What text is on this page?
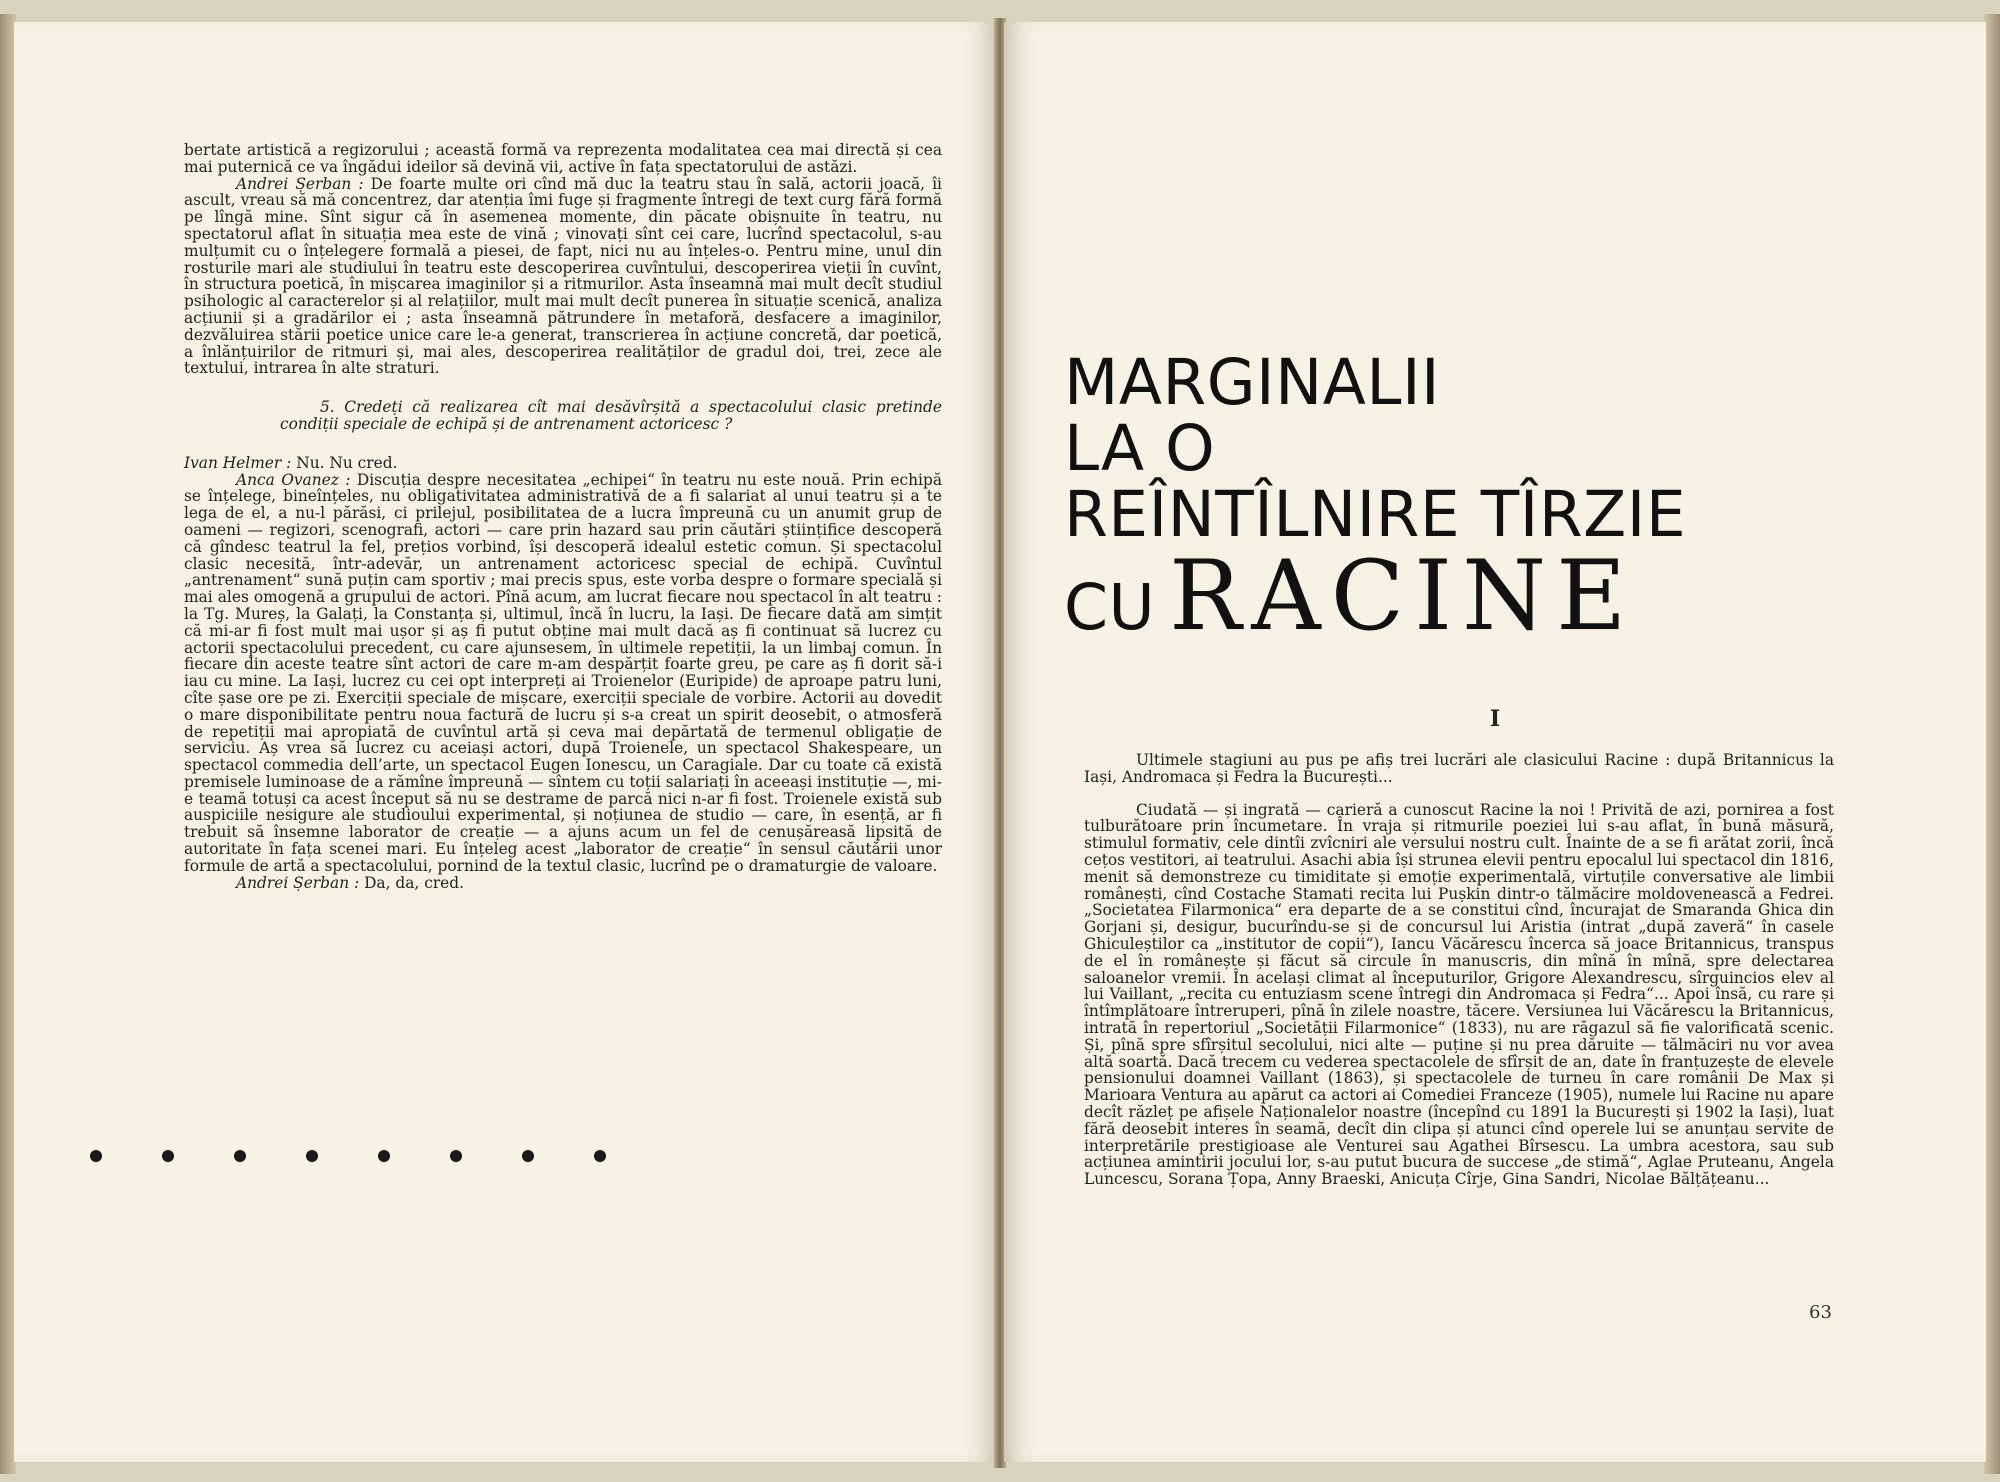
bertate artistică a regizorului ; această formă va reprezenta modalitatea cea mai directă și cea mai puternică ce va îngădui ideilor să devină vii, active în fața spectatorului de astăzi.

Andrei Șerban : De foarte multe ori cînd mă duc la teatru stau în sală, actorii joacă, îi ascult, vreau să mă concentrez, dar atenția îmi fuge și fragmente întregi de text curg fără formă pe lîngă mine. Sînt sigur că în asemenea momente, din păcate obișnuite în teatru, nu spectatorul aflat în situația mea este de vină ; vinovați sînt cei care, lucrînd spectacolul, s-au mulțumit cu o înțelegere formală a piesei, de fapt, nici nu au înțeles-o. Pentru mine, unul din rosturile mari ale studiului în teatru este descoperirea cuvîntului, descoperirea vieții în cuvînt, în structura poetică, în mișcarea imaginilor și a ritmurilor. Asta înseamnă mai mult decît studiul psihologic al caracterelor și al relațiilor, mult mai mult decît punerea în situație scenică, analiza acțiunii și a gradărilor ei ; asta înseamnă pătrundere în metaforă, desfacere a imaginilor, dezvăluirea stării poetice unice care le-a generat, transcrierea în acțiune concretă, dar poetică, a înlănțuirilor de ritmuri și, mai ales, descoperirea realităților de gradul doi, trei, zece ale textului, intrarea în alte straturi.

5. Credeți că realizarea cît mai desăvîrșită a spectacolului clasic pretinde condiții speciale de echipă și de antrenament actoricesc ?

Ivan Helmer : Nu. Nu cred.

Anca Ovanez : Discuția despre necesitatea „echipei“ în teatru nu este nouă. Prin echipă se înțelege, bineînțeles, nu obligativitatea administrativă de a fi salariat al unui teatru și a te lega de el, a nu-l părăsi, ci prilejul, posibilitatea de a lucra împreună cu un anumit grup de oameni — regizori, scenografi, actori — care prin hazard sau prin căutări științifice descoperă că gîndesc teatrul la fel, prețios vorbind, își descoperă idealul estetic comun. Și spectacolul clasic necesită, într-adevăr, un antrenament actoricesc special de echipă. Cuvîntul „antrenament“ sună puțin cam sportiv ; mai precis spus, este vorba despre o formare specială și mai ales omogenă a grupului de actori. Pînă acum, am lucrat fiecare nou spectacol în alt teatru : la Tg. Mureș, la Galați, la Constanța și, ultimul, încă în lucru, la Iași. De fiecare dată am simțit că mi-ar fi fost mult mai ușor și aș fi putut obține mai mult dacă aș fi continuat să lucrez cu actorii spectacolului precedent, cu care ajunsesem, în ultimele repetiții, la un limbaj comun. În fiecare din aceste teatre sînt actori de care m-am despărțit foarte greu, pe care aș fi dorit să-i iau cu mine. La Iași, lucrez cu cei opt interpreți ai Troienelor (Euripide) de aproape patru luni, cîte șase ore pe zi. Exerciții speciale de mișcare, exerciții speciale de vorbire. Actorii au dovedit o mare disponibilitate pentru noua factură de lucru și s-a creat un spirit deosebit, o atmosferă de repetiții mai apropiată de cuvîntul artă și ceva mai depărtată de termenul obligație de serviciu. Aș vrea să lucrez cu aceiași actori, după Troienele, un spectacol Shakespeare, un spectacol commedia dell’arte, un spectacol Eugen Ionescu, un Caragiale. Dar cu toate că există premisele luminoase de a rămîne împreună — sîntem cu toții salariați în aceeași instituție —, mi-e teamă totuși ca acest început să nu se destrame de parcă nici n-ar fi fost. Troienele există sub auspiciile nesigure ale studioului experimental, și noțiunea de studio — care, în esență, ar fi trebuit să însemne laborator de creație — a ajuns acum un fel de cenușăreasă lipsită de autoritate în fața scenei mari. Eu înțeleg acest „laborator de creație“ în sensul căutării unor formule de artă a spectacolului, pornind de la textul clasic, lucrînd pe o dramaturgie de valoare.

Andrei Șerban : Da, da, cred.

MARGINALII
LA O
REÎNTÎLNIRE TÎRZIE
CU RACINE
I

Ultimele stagiuni au pus pe afiș trei lucrări ale clasicului Racine : după Britannicus la Iași, Andromaca și Fedra la București...

Ciudată — și ingrată — carieră a cunoscut Racine la noi ! Privită de azi, pornirea a fost tulburătoare prin încumetare. În vraja și ritmurile poeziei lui s-au aflat, în bună măsură, stimulul formativ, cele dintîi zvîcniri ale versului nostru cult. Înainte de a se fi arătat zorii, încă cețos vestitori, ai teatrului. Asachi abia își strunea elevii pentru epocalul lui spectacol din 1816, menit să demonstreze cu timiditate și emoție experimentală, virtuțile conversative ale limbii românești, cînd Costache Stamati recita lui Pușkin dintr-o tălmăcire moldovenească a Fedrei. „Societatea Filarmonica“ era departe de a se constitui cînd, încurajat de Smaranda Ghica din Gorjani și, desigur, bucurîndu-se și de concursul lui Aristia (intrat „după zaveră“ în casele Ghiculeștilor ca „institutor de copii“), Iancu Văcărescu încerca să joace Britannicus, transpus de el în românește și făcut să circule în manuscris, din mînă în mînă, spre delectarea saloanelor vremii. În același climat al începuturilor, Grigore Alexandrescu, sîrguincios elev al lui Vaillant, „recita cu entuziasm scene întregi din Andromaca și Fedra“... Apoi însă, cu rare și întîmplătoare întreruperi, pînă în zilele noastre, tăcere. Versiunea lui Văcărescu la Britannicus, intrată în repertoriul „Societății Filarmonice“ (1833), nu are răgazul să fie valorificată scenic. Și, pînă spre sfîrșitul secolului, nici alte — puține și nu prea dăruite — tălmăciri nu vor avea altă soartă. Dacă trecem cu vederea spectacolele de sfîrșit de an, date în franțuzește de elevele pensionului doamnei Vaillant (1863), și spectacolele de turneu în care românii De Max și Marioara Ventura au apărut ca actori ai Comediei Franceze (1905), numele lui Racine nu apare decît răzleț pe afișele Naționalelor noastre (începînd cu 1891 la București și 1902 la Iași), luat fără deosebit interes în seamă, decît din clipa și atunci cînd operele lui se anunțau servite de interpretările prestigioase ale Venturei sau Agathei Bîrsescu. La umbra acestora, sau sub acțiunea amintirii jocului lor, s-au putut bucura de succese „de stimă“, Aglae Pruteanu, Angela Luncescu, Sorana Țopa, Anny Braeski, Anicuța Cîrje, Gina Sandri, Nicolae Bălțățeanu...

63
